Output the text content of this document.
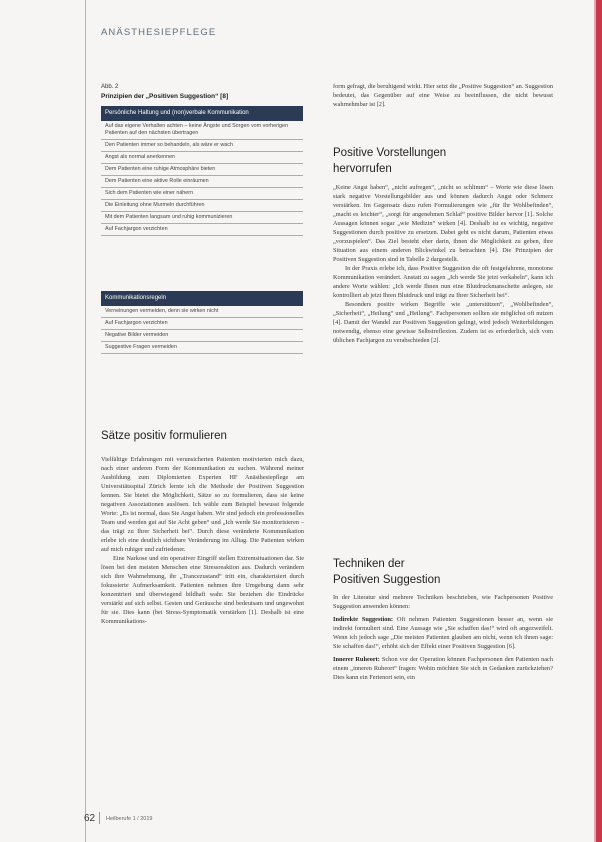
ANÄSTHESIEPFLEGE
Abb. 2
Prinzipien der „Positiven Suggestion“ [8]
Persönliche Haltung und (non)verbale Kommunikation
Auf das eigene Verhalten achten – keine Ängste und Sorgen vom vorherigen Patienten auf den nächsten übertragen
Den Patienten immer so behandeln, als wäre er wach
Angst als normal anerkennen
Dem Patienten eine ruhige Atmosphäre bieten
Dem Patienten eine aktive Rolle einräumen
Sich dem Patienten wie einer nähern
Die Einleitung ohne Murmeln durchführen
Mit dem Patienten langsam und ruhig kommunizieren
Auf Fachjargon verzichten
Kommunikationsregeln
Verneinungen vermeiden, denn sie wirken nicht
Auf Fachjargon verzichten
Negative Bilder vermeiden
Suggestive Fragen vermeiden
Sätze positiv formulieren

Vielfältige Erfahrungen mit verunsicherten Patienten motivierten mich dazu, nach einer anderen Form der Kommunikation zu suchen. Während meiner Ausbildung zum Diplomierten Experten HF Anästhesiepflege am Universitätsspital Zürich lernte ich die Methode der Positiven Suggestion kennen. Sie bietet die Möglichkeit, Sätze so zu formulieren, dass sie keine negativen Assoziationen auslösen. Ich wähle zum Beispiel bewusst folgende Worte: „Es ist normal, dass Sie Angst haben. Wir sind jedoch ein professionelles Team und werden gut auf Sie Acht geben“ und „Ich werde Sie monitorisieren – das trägt zu Ihrer Sicherheit bei“. Durch diese veränderte Kommunikation erlebe ich eine deutlich sichtbare Veränderung im Alltag. Die Patienten wirken auf mich ruhiger und zufriedener.

Eine Narkose und ein operativer Eingriff stellen Extremsituationen dar. Sie lösen bei den meisten Menschen eine Stressreaktion aus. Dadurch verändern sich ihre Wahrnehmung, ihr „Trancezustand“ tritt ein, charakterisiert durch fokussierte Aufmerksamkeit. Patienten nehmen ihre Umgebung dann sehr konzentriert und überwiegend bildhaft wahr. Sie beziehen die Eindrücke verstärkt auf sich selbst. Gesten und Geräusche sind bedeutsam und ungewohnt für sie. Dies kann (bei Stress-Symptomatik verstärken [1]. Deshalb ist eine Kommunikations-

form gefragt, die beruhigend wirkt. Hier setzt die „Positive Suggestion“ an. Suggestion bedeutet, das Gegenüber auf eine Weise zu beeinflussen, die nicht bewusst wahrnehmbar ist [2].

Positive Vorstellungen
hervorrufen

„Keine Angst haben“, „nicht aufregen“, „nicht so schlimm“ – Worte wie diese lösen stark negative Vorstellungsbilder aus und können dadurch Angst oder Schmerz verstärken. Im Gegensatz dazu rufen Formulierungen wie „für Ihr Wohlbefinden“, „macht es leichter“, „sorgt für angenehmen Schlaf“ positive Bilder hervor [1]. Solche Aussagen können sogar „wie Medizin“ wirken [4]. Deshalb ist es wichtig, negative Suggestionen durch positive zu ersetzen. Dabei geht es nicht darum, Patienten etwas „vorzuspielen“. Das Ziel besteht eher darin, ihnen die Möglichkeit zu geben, ihre Situation aus einem anderen Blickwinkel zu betrachten [4]. Die Prinzipien der Positiven Suggestion sind in Tabelle 2 dargestellt.

In der Praxis erlebe ich, dass Positive Suggestion die oft festgefahrene, monotone Kommunikation verändert. Anstatt zu sagen „Ich werde Sie jetzt verkabeln“, kann ich andere Worte wählen: „Ich werde Ihnen nun eine Blutdruckmanschette anlegen, sie kontrolliert ab jetzt Ihren Blutdruck und trägt zu Ihrer Sicherheit bei“.

Besonders positiv wirken Begriffe wie „unterstützen“, „Wohlbefinden“, „Sicherheit“, „Heilung“ und „Heilung“. Fachpersonen sollten sie möglichst oft nutzen [4]. Damit der Wandel zur Positiven Suggestion gelingt, wird jedoch Weiterbildungen notwendig, ebenso eine gewisse Selbstreflexion. Zudem ist es erforderlich, sich vom üblichen Fachjargon zu verabschieden [2].

Techniken der
Positiven Suggestion

In der Literatur sind mehrere Techniken beschrieben, wie Fachpersonen Positive Suggestion anwenden können:

Indirekte Suggestion: Oft nehmen Patienten Suggestionen besser an, wenn sie indirekt formuliert sind. Eine Aussage wie „Sie schaffen das!“ wird oft angezweifelt. Wenn ich jedoch sage „Die meisten Patienten glauben am nicht, wenn ich ihnen sage: Sie schaffen das!“, erhöht sich der Effekt einer Positiven Suggestion [6].

Innerer Ruheort: Schon vor der Operation können Fachpersonen den Patienten nach einem „inneren Ruheort“ fragen: Wohin möchten Sie sich in Gedanken zurückziehen? Dies kann ein Ferienort sein, ein

62 Heilberufe 1 / 2019
